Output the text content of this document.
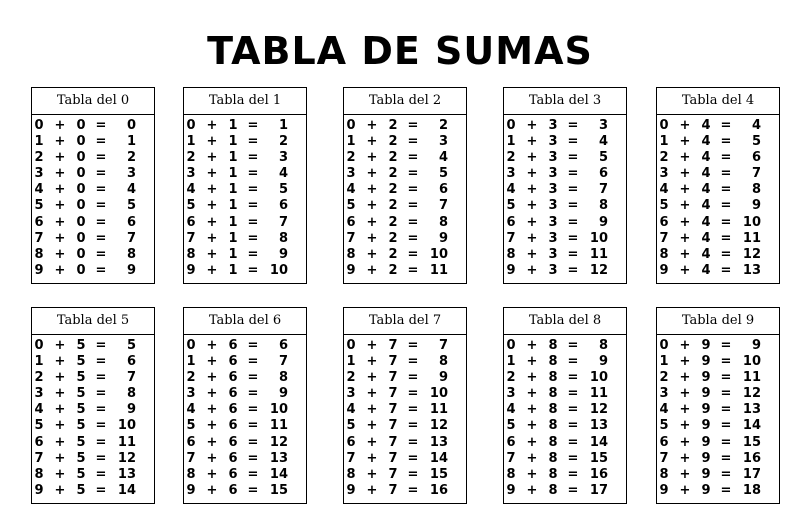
TABLA DE SUMAS
Tabla del 0
0 + 0 =	0
1 + 0 =	1
2 + 0 =	2
3 + 0 =	3
4 + 0 =	4
5 + 0 =	5
6 + 0 =	6
7 + 0 =	7
8 + 0 =	8
9 + 0 =	9
Tabla del 1
0 + 1 =	1
1 + 1 =	2
2 + 1 =	3
3 + 1 =	4
4 + 1 =	5
5 + 1 =	6
6 + 1 =	7
7 + 1 =	8
8 + 1 =	9
9 + 1 = 10
Tabla del 2
0 + 2 =	2
1 + 2 =	3
2 + 2 =	4
3 + 2 =	5
4 + 2 =	6
5 + 2 =	7
6 + 2 =	8
7 + 2 =	9
8 + 2 = 10
9 + 2 = 11
Tabla del 3
0 + 3 =	3
1 + 3 =	4
2 + 3 =	5
3 + 3 =	6
4 + 3 =	7
5 + 3 =	8
6 + 3 =	9
7 + 3 = 10
8 + 3 = 11
9 + 3 = 12
Tabla del 4
0 + 4 =	4
1 + 4 =	5
2 + 4 =	6
3 + 4 =	7
4 + 4 =	8
5 + 4 =	9
6 + 4 = 10
7 + 4 = 11
8 + 4 = 12
9 + 4 = 13
Tabla del 5
0 + 5 =	5
1 + 5 =	6
2 + 5 =	7
3 + 5 =	8
4 + 5 =	9
5 + 5 = 10
6 + 5 = 11
7 + 5 = 12
8 + 5 = 13
9 + 5 = 14
Tabla del 6
0 + 6 =	6
1 + 6 =	7
2 + 6 =	8
3 + 6 =	9
4 + 6 = 10
5 + 6 = 11
6 + 6 = 12
7 + 6 = 13
8 + 6 = 14
9 + 6 = 15
Tabla del 7
0 + 7 =	7
1 + 7 =	8
2 + 7 =	9
3 + 7 = 10
4 + 7 = 11
5 + 7 = 12
6 + 7 = 13
7 + 7 = 14
8 + 7 = 15
9 + 7 = 16
Tabla del 8
0 + 8 =	8
1 + 8 =	9
2 + 8 = 10
3 + 8 = 11
4 + 8 = 12
5 + 8 = 13
6 + 8 = 14
7 + 8 = 15
8 + 8 = 16
9 + 8 = 17
Tabla del 9
0 + 9 =	9
1 + 9 = 10
2 + 9 = 11
3 + 9 = 12
4 + 9 = 13
5 + 9 = 14
6 + 9 = 15
7 + 9 = 16
8 + 9 = 17
9 + 9 = 18
